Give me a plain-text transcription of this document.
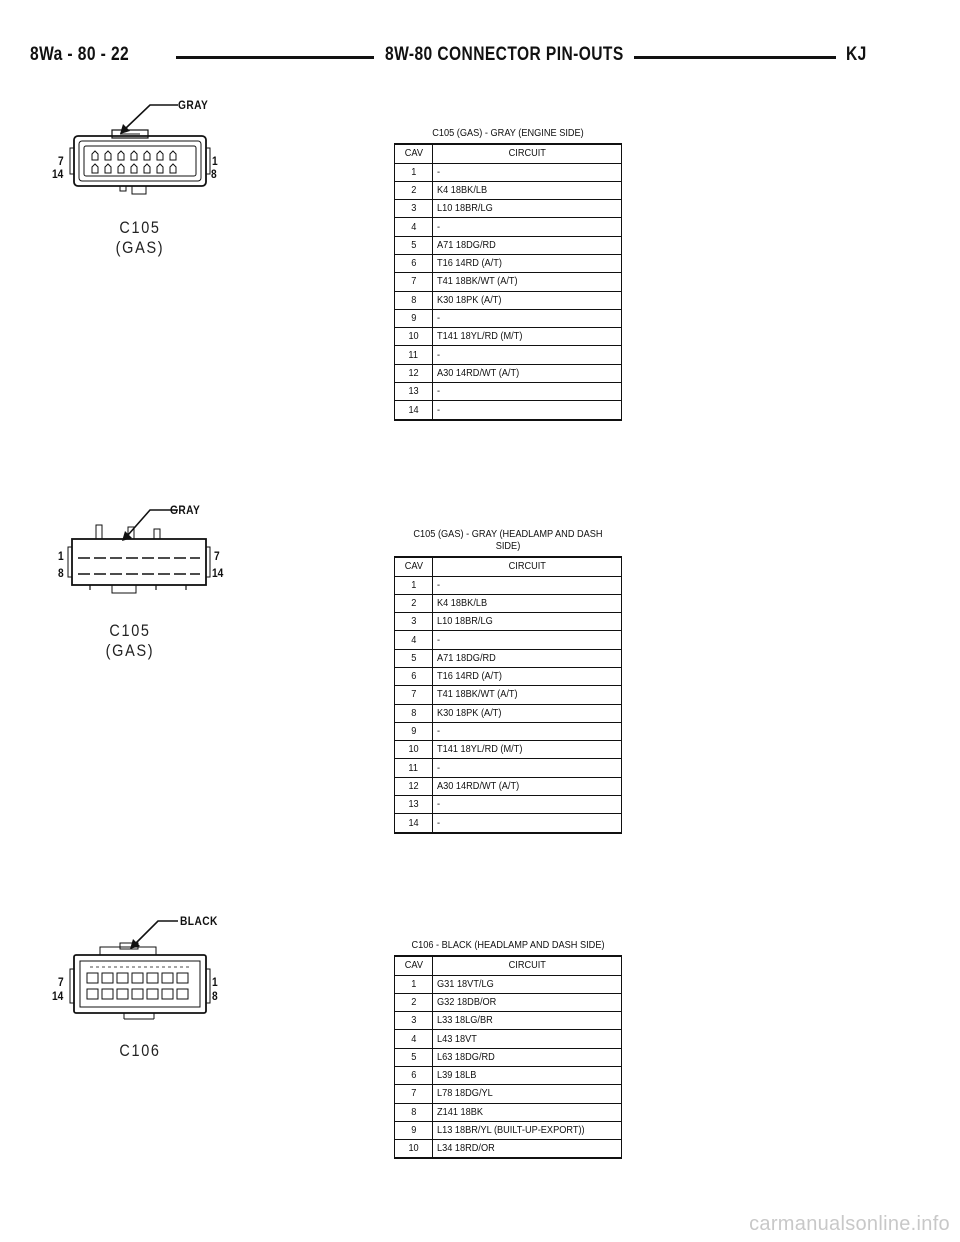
8Wa - 80 - 22	8W-80 CONNECTOR PIN-OUTS	KJ
GRAY
7
14
1
8
C105
(GAS)
C105 (GAS) - GRAY (ENGINE SIDE)
CAV	CIRCUIT
1	-
2	K4 18BK/LB
3	L10 18BR/LG
4	-
5	A71 18DG/RD
6	T16 14RD (A/T)
7	T41 18BK/WT (A/T)
8	K30 18PK (A/T)
9	-
10	T141 18YL/RD (M/T)
11	-
12	A30 14RD/WT (A/T)
13	-
14	-
GRAY
1
8
7
14
C105
(GAS)
C105 (GAS) - GRAY (HEADLAMP AND DASH
SIDE)
CAV	CIRCUIT
1	-
2	K4 18BK/LB
3	L10 18BR/LG
4	-
5	A71 18DG/RD
6	T16 14RD (A/T)
7	T41 18BK/WT (A/T)
8	K30 18PK (A/T)
9	-
10	T141 18YL/RD (M/T)
11	-
12	A30 14RD/WT (A/T)
13	-
14	-
BLACK
7
14
1
8
C106
C106 - BLACK (HEADLAMP AND DASH SIDE)
CAV	CIRCUIT
1	G31 18VT/LG
2	G32 18DB/OR
3	L33 18LG/BR
4	L43 18VT
5	L63 18DG/RD
6	L39 18LB
7	L78 18DG/YL
8	Z141 18BK
9	L13 18BR/YL (BUILT-UP-EXPORT))
10	L34 18RD/OR
carmanualsonline.info
